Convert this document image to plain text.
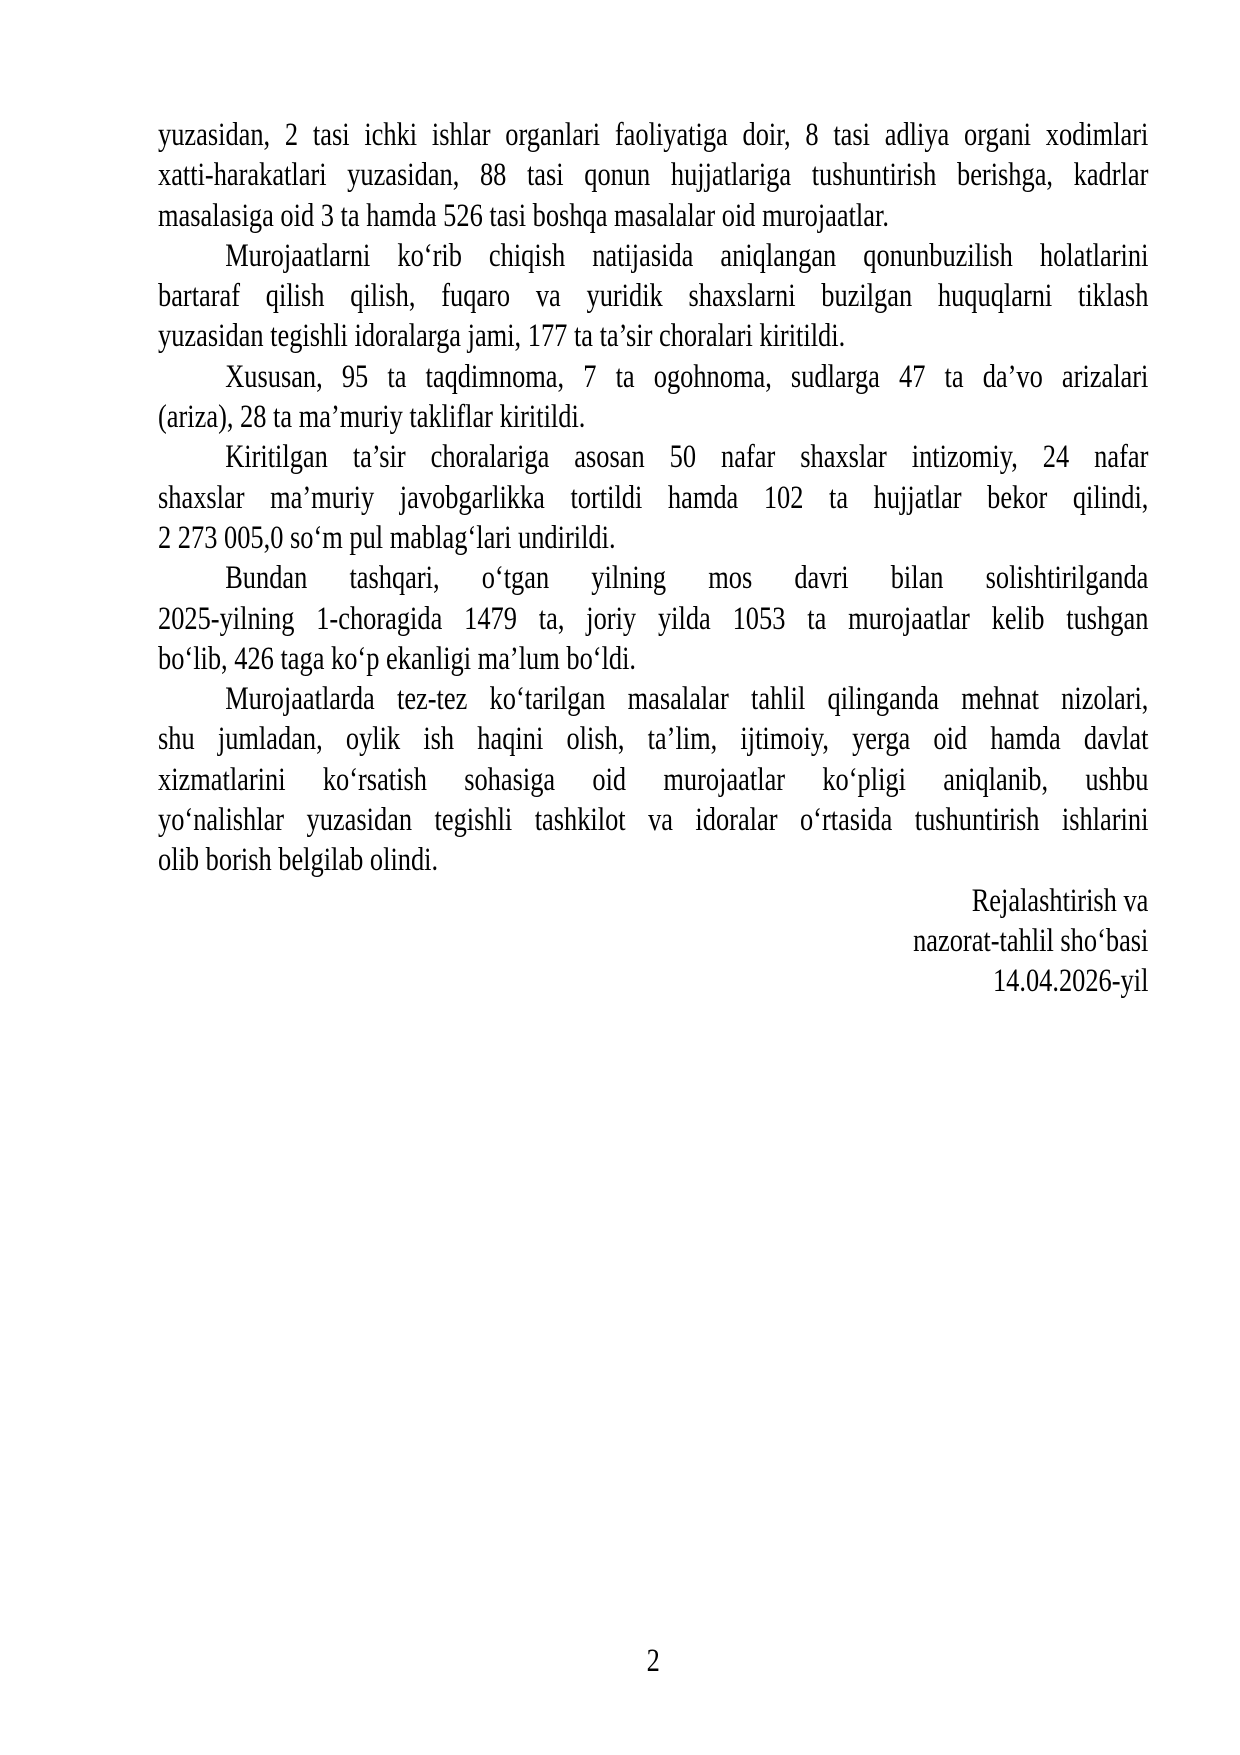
yuzasidan, 2 tasi ichki ishlar organlari faoliyatiga doir, 8 tasi adliya organi xodimlari
xatti-harakatlari yuzasidan, 88 tasi qonun hujjatlariga tushuntirish berishga, kadrlar
masalasiga oid 3 ta hamda 526 tasi boshqa masalalar oid murojaatlar.
Murojaatlarni ko‘rib chiqish natijasida aniqlangan qonunbuzilish holatlarini
bartaraf qilish qilish, fuqaro va yuridik shaxslarni buzilgan huquqlarni tiklash
yuzasidan tegishli idoralarga jami, 177 ta ta’sir choralari kiritildi.
Xususan, 95 ta taqdimnoma, 7 ta ogohnoma, sudlarga 47 ta da’vo arizalari
(ariza), 28 ta ma’muriy takliflar kiritildi.
Kiritilgan ta’sir choralariga asosan 50 nafar shaxslar intizomiy, 24 nafar
shaxslar ma’muriy javobgarlikka tortildi hamda 102 ta hujjatlar bekor qilindi,
2 273 005,0 so‘m pul mablag‘lari undirildi.
Bundan tashqari, o‘tgan yilning mos davri bilan solishtirilganda
2025-yilning 1-choragida 1479 ta, joriy yilda 1053 ta murojaatlar kelib tushgan
bo‘lib, 426 taga ko‘p ekanligi ma’lum bo‘ldi.
Murojaatlarda tez-tez ko‘tarilgan masalalar tahlil qilinganda mehnat nizolari,
shu jumladan, oylik ish haqini olish, ta’lim, ijtimoiy, yerga oid hamda davlat
xizmatlarini ko‘rsatish sohasiga oid murojaatlar ko‘pligi aniqlanib, ushbu
yo‘nalishlar yuzasidan tegishli tashkilot va idoralar o‘rtasida tushuntirish ishlarini
olib borish belgilab olindi.
Rejalashtirish va
nazorat-tahlil sho‘basi
14.04.2026-yil
2
